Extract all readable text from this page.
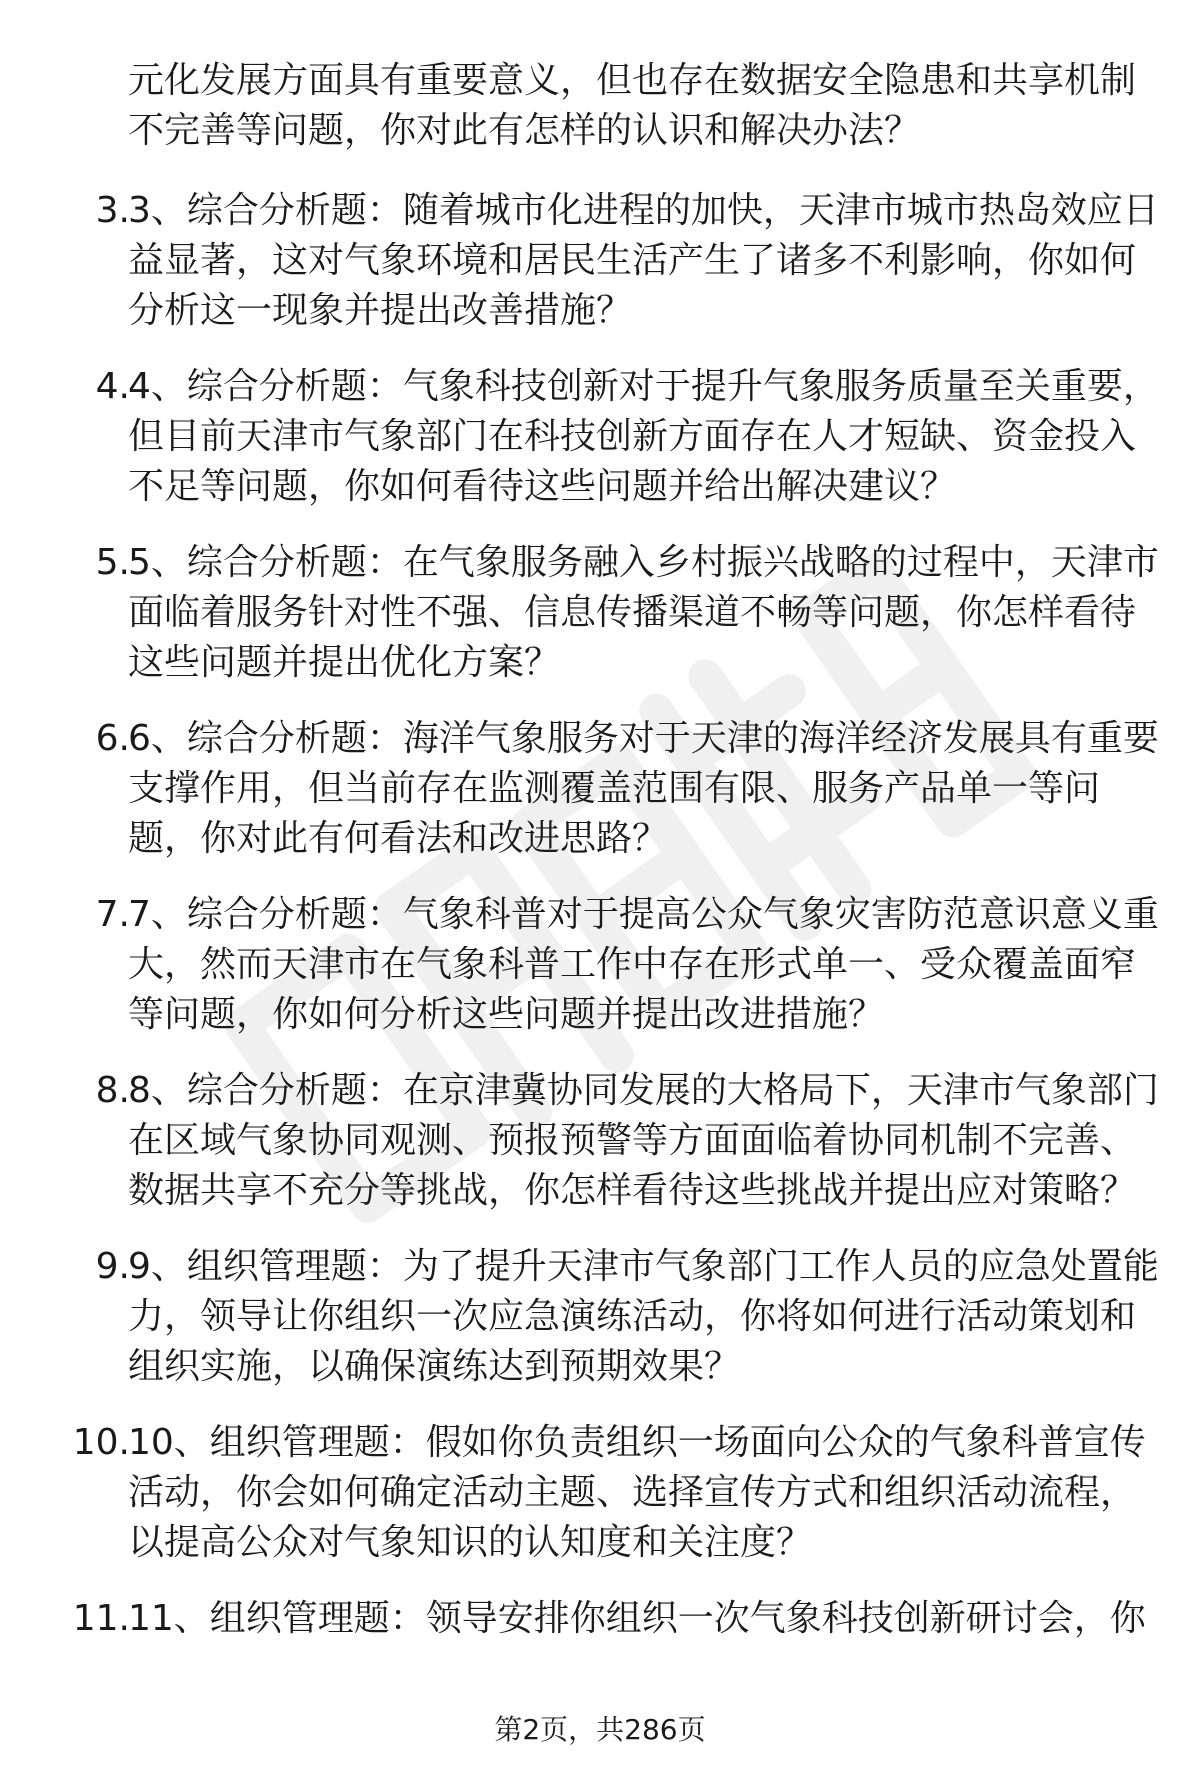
元化发展方面具有重要意义，但也存在数据安全隐患和共享机制

不完善等问题，你对此有怎样的认识和解决办法？

3.
3、综合分析题：随着城市化进程的加快，天津市城市热岛效应日
益显著，这对气象环境和居民生活产生了诸多不利影响，你如何
分析这一现象并提出改善措施？
4.
4、综合分析题：气象科技创新对于提升气象服务质量至关重要，
但目前天津市气象部门在科技创新方面存在人才短缺、资金投入
不足等问题，你如何看待这些问题并给出解决建议？
5.
5、综合分析题：在气象服务融入乡村振兴战略的过程中，天津市
面临着服务针对性不强、信息传播渠道不畅等问题，你怎样看待
这些问题并提出优化方案？
6.
6、综合分析题：海洋气象服务对于天津的海洋经济发展具有重要
支撑作用，但当前存在监测覆盖范围有限、服务产品单一等问
题，你对此有何看法和改进思路？
7.
7、综合分析题：气象科普对于提高公众气象灾害防范意识意义重
大，然而天津市在气象科普工作中存在形式单一、受众覆盖面窄
等问题，你如何分析这些问题并提出改进措施？
8.
8、综合分析题：在京津冀协同发展的大格局下，天津市气象部门
在区域气象协同观测、预报预警等方面面临着协同机制不完善、
数据共享不充分等挑战，你怎样看待这些挑战并提出应对策略？
9.
9、组织管理题：为了提升天津市气象部门工作人员的应急处置能
力，领导让你组织一次应急演练活动，你将如何进行活动策划和
组织实施，以确保演练达到预期效果？
10.
10、组织管理题：假如你负责组织一场面向公众的气象科普宣传
活动，你会如何确定活动主题、选择宣传方式和组织活动流程，
以提高公众对气象知识的认知度和关注度？
11.
11、组织管理题：领导安排你组织一次气象科技创新研讨会，你
第2页，共286页
